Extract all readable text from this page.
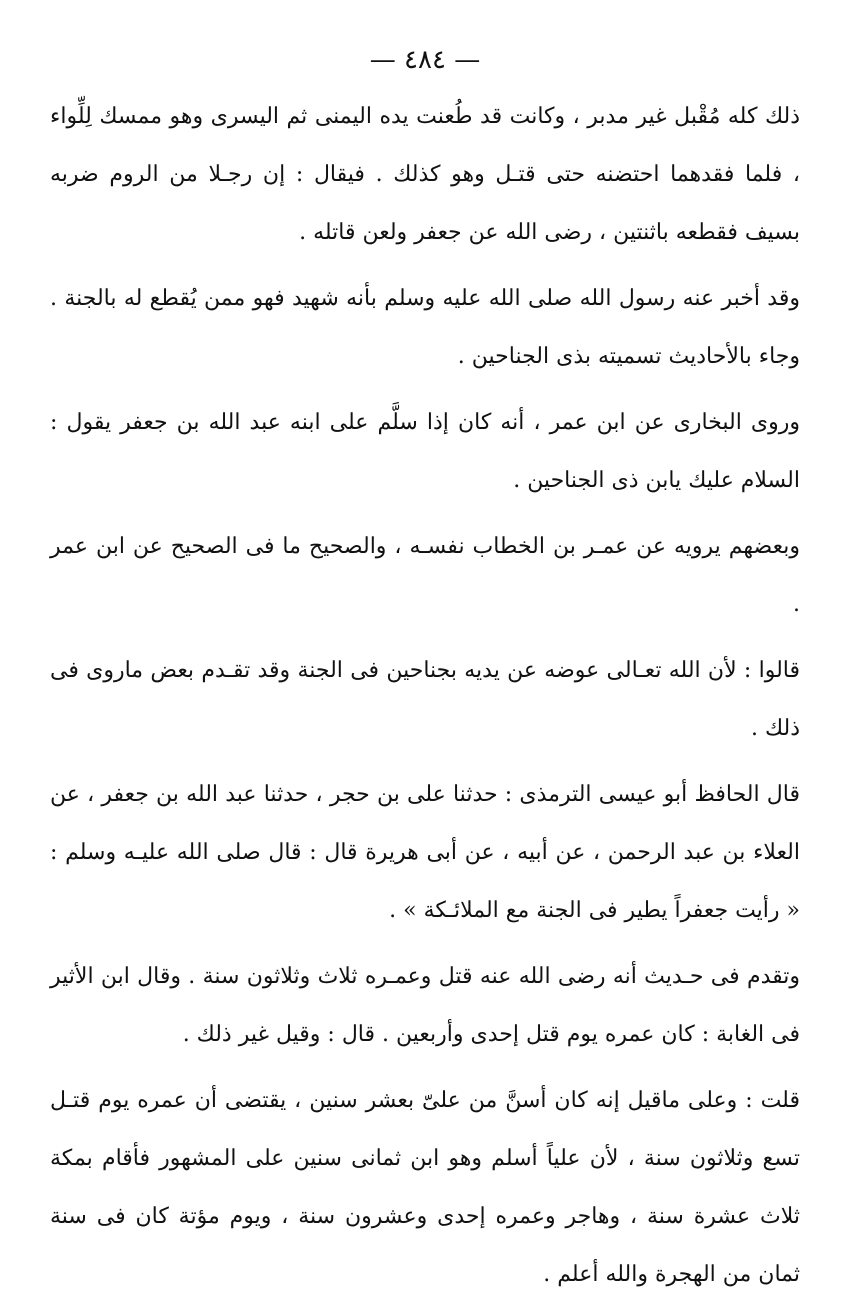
— ٤٨٤ —

ذلك كله مُقْبل غير مدبر ، وكانت قد طُعنت يده اليمنى ثم اليسرى وهو ممسك لِلِّواء ، فلما فقدهما احتضنه حتى قتـل وهو كذلك . فيقال : إن رجـلا من الروم ضربه بسيف فقطعه باثنتين ، رضى الله عن جعفر ولعن قاتله .

وقد أخبر عنه رسول الله صلى الله عليه وسلم بأنه شهيد فهو ممن يُقطع له بالجنة . وجاء بالأحاديث تسميته بذى الجناحين .

وروى البخارى عن ابن عمر ، أنه كان إذا سلَّم على ابنه عبد الله بن جعفر يقول : السلام عليك يابن ذى الجناحين .

وبعضهم يرويه عن عمـر بن الخطاب نفسـه ، والصحيح ما فى الصحيح عن ابن عمر .

قالوا : لأن الله تعـالى عوضه عن يديه بجناحين فى الجنة وقد تقـدم بعض ماروى فى ذلك .

قال الحافظ أبو عيسى الترمذى : حدثنا على بن حجر ، حدثنا عبد الله بن جعفر ، عن العلاء بن عبد الرحمن ، عن أبيه ، عن أبى هريرة قال : قال صلى الله عليـه وسلم : « رأيت جعفراً يطير فى الجنة مع الملائـكة » .

وتقدم فى حـديث أنه رضى الله عنه قتل وعمـره ثلاث وثلاثون سنة . وقال ابن الأثير فى الغابة : كان عمره يوم قتل إحدى وأربعين . قال : وقيل غير ذلك .

قلت : وعلى ماقيل إنه كان أسنَّ من علىّ بعشر سنين ، يقتضى أن عمره يوم قتـل تسع وثلاثون سنة ، لأن علياً أسلم وهو ابن ثمانى سنين على المشهور فأقام بمكة ثلاث عشرة سنة ، وهاجر وعمره إحدى وعشرون سنة ، ويوم مؤتة كان فى سنة ثمان من الهجرة والله أعلم .
